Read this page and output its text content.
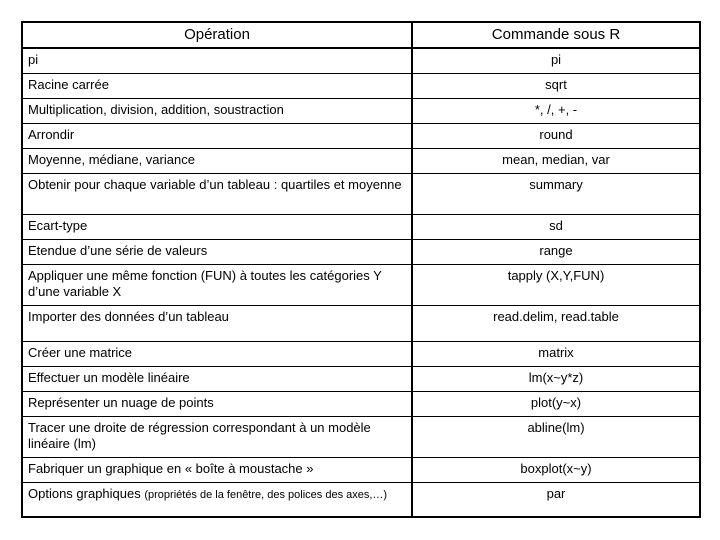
Opération	Commande sous R
pi	pi
Racine carrée	sqrt
Multiplication, division, addition, soustraction	*, /, +, -
Arrondir	round
Moyenne, médiane, variance	mean, median, var
Obtenir pour chaque variable d’un tableau : quartiles et moyenne	summary
Ecart-type	sd
Etendue d’une série de valeurs	range
Appliquer une même fonction (FUN) à toutes les catégories Y d’une variable X	tapply (X,Y,FUN)
Importer des données d’un tableau	read.delim, read.table
Créer une matrice	matrix
Effectuer un modèle linéaire	lm(x~y*z)
Représenter un nuage de points	plot(y~x)
Tracer une droite de régression correspondant à un modèle linéaire (lm)	abline(lm)
Fabriquer un graphique en « boîte à moustache »	boxplot(x~y)
Options graphiques (propriétés de la fenêtre, des polices des axes,…)	par
